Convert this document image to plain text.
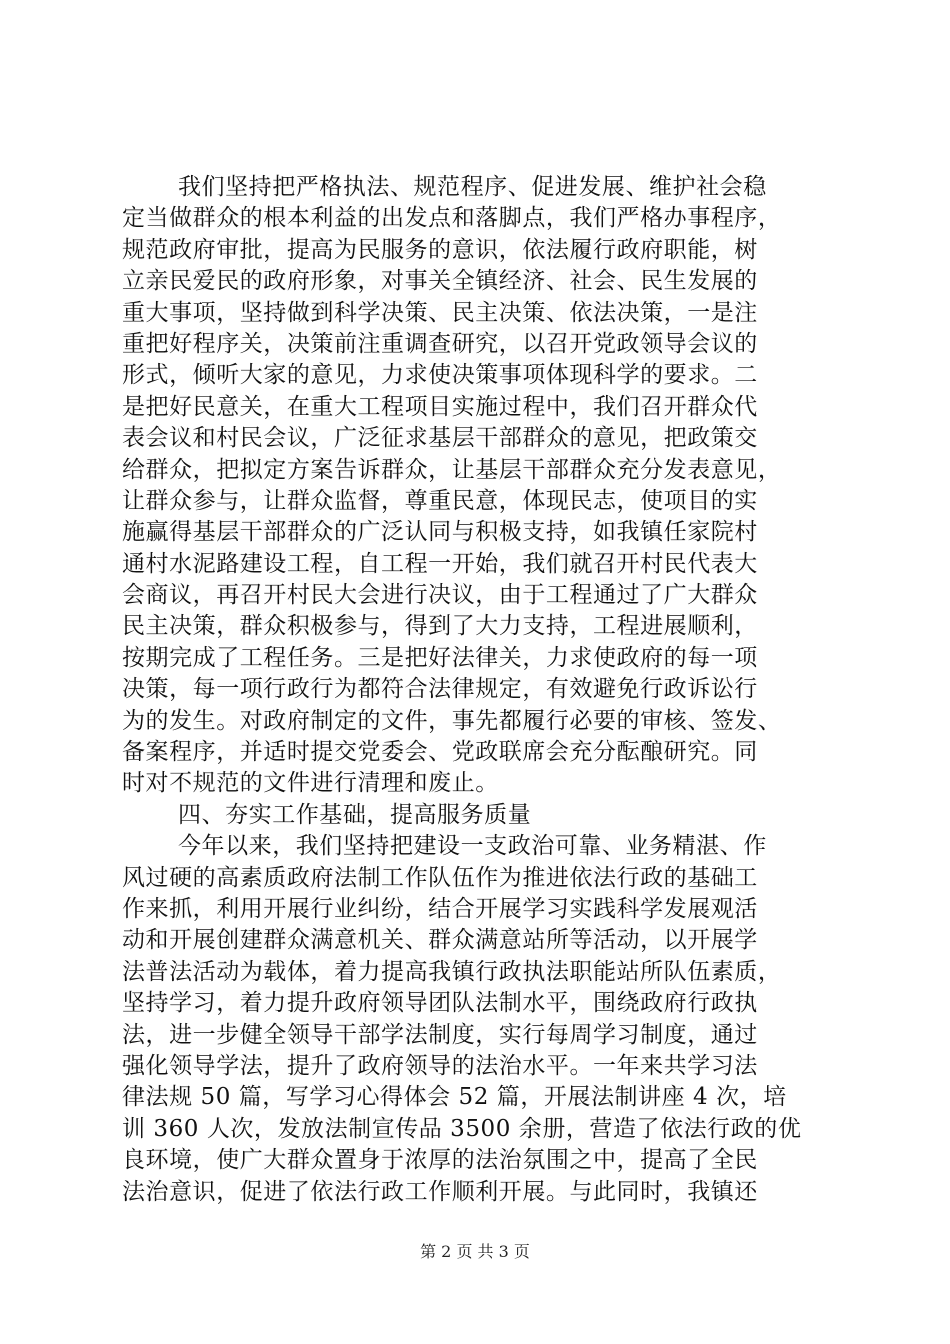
我们坚持把严格执法、规范程序、促进发展、维护社会稳
定当做群众的根本利益的出发点和落脚点，我们严格办事程序，
规范政府审批，提高为民服务的意识，依法履行政府职能，树
立亲民爱民的政府形象，对事关全镇经济、社会、民生发展的
重大事项，坚持做到科学决策、民主决策、依法决策，一是注
重把好程序关，决策前注重调查研究，以召开党政领导会议的
形式，倾听大家的意见，力求使决策事项体现科学的要求。二
是把好民意关，在重大工程项目实施过程中，我们召开群众代
表会议和村民会议，广泛征求基层干部群众的意见，把政策交
给群众，把拟定方案告诉群众，让基层干部群众充分发表意见，
让群众参与，让群众监督，尊重民意，体现民志，使项目的实
施赢得基层干部群众的广泛认同与积极支持，如我镇任家院村
通村水泥路建设工程，自工程一开始，我们就召开村民代表大
会商议，再召开村民大会进行决议，由于工程通过了广大群众
民主决策，群众积极参与，得到了大力支持，工程进展顺利，
按期完成了工程任务。三是把好法律关，力求使政府的每一项
决策，每一项行政行为都符合法律规定，有效避免行政诉讼行
为的发生。对政府制定的文件，事先都履行必要的审核、签发、
备案程序，并适时提交党委会、党政联席会充分酝酿研究。同
时对不规范的文件进行清理和废止。
四、夯实工作基础，提高服务质量
今年以来，我们坚持把建设一支政治可靠、业务精湛、作
风过硬的高素质政府法制工作队伍作为推进依法行政的基础工
作来抓，利用开展行业纠纷，结合开展学习实践科学发展观活
动和开展创建群众满意机关、群众满意站所等活动，以开展学
法普法活动为载体，着力提高我镇行政执法职能站所队伍素质，
坚持学习，着力提升政府领导团队法制水平，围绕政府行政执
法，进一步健全领导干部学法制度，实行每周学习制度，通过
强化领导学法，提升了政府领导的法治水平。一年来共学习法
律法规 50 篇，写学习心得体会 52 篇，开展法制讲座 4 次，培
训 360 人次，发放法制宣传品 3500 余册，营造了依法行政的优
良环境，使广大群众置身于浓厚的法治氛围之中，提高了全民
法治意识，促进了依法行政工作顺利开展。与此同时，我镇还
第 2 页 共 3 页
